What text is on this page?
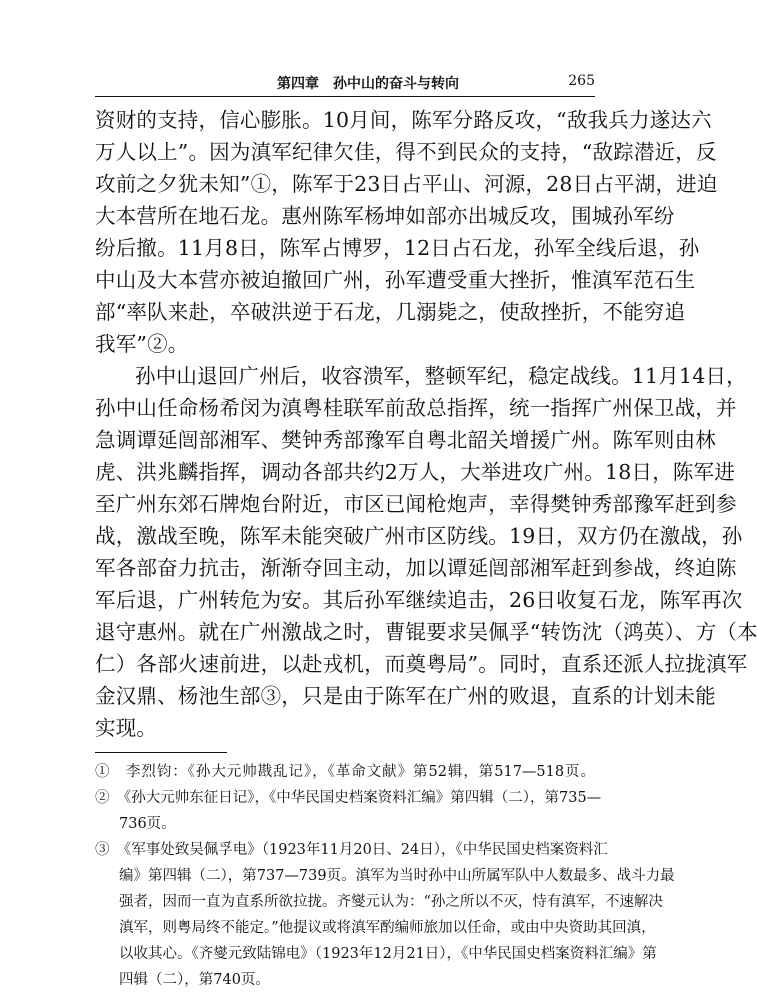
第四章　孙中山的奋斗与转向	265
资财的支持，信心膨胀。10月间，陈军分路反攻，“敌我兵力遂达六
万人以上”。因为滇军纪律欠佳，得不到民众的支持，“敌踪潜近，反
攻前之夕犹未知”①，陈军于23日占平山、河源，28日占平湖，进迫
大本营所在地石龙。惠州陈军杨坤如部亦出城反攻，围城孙军纷
纷后撤。11月8日，陈军占博罗，12日占石龙，孙军全线后退，孙
中山及大本营亦被迫撤回广州，孙军遭受重大挫折，惟滇军范石生
部“率队来赴，卒破洪逆于石龙，几溺毙之，使敌挫折，不能穷追
我军”②。
孙中山退回广州后，收容溃军，整顿军纪，稳定战线。11月14日，
孙中山任命杨希闵为滇粤桂联军前敌总指挥，统一指挥广州保卫战，并
急调谭延闿部湘军、樊钟秀部豫军自粤北韶关增援广州。陈军则由林
虎、洪兆麟指挥，调动各部共约2万人，大举进攻广州。18日，陈军进
至广州东郊石牌炮台附近，市区已闻枪炮声，幸得樊钟秀部豫军赶到参
战，激战至晚，陈军未能突破广州市区防线。19日，双方仍在激战，孙
军各部奋力抗击，渐渐夺回主动，加以谭延闿部湘军赶到参战，终迫陈
军后退，广州转危为安。其后孙军继续追击，26日收复石龙，陈军再次
退守惠州。就在广州激战之时，曹锟要求吴佩孚“转饬沈（鸿英）、方（本
仁）各部火速前进，以赴戎机，而奠粤局”。同时，直系还派人拉拢滇军
金汉鼎、杨池生部③，只是由于陈军在广州的败退，直系的计划未能
实现。
①　李烈钧：《孙大元帅戡乱记》，《革命文献》第52辑，第517—518页。
②　《孙大元帅东征日记》，《中华民国史档案资料汇编》第四辑（二），第735—
736页。
③　《军事处致吴佩孚电》（1923年11月20日、24日），《中华民国史档案资料汇
编》第四辑（二），第737—739页。滇军为当时孙中山所属军队中人数最多、战斗力最
强者，因而一直为直系所欲拉拢。齐燮元认为：“孙之所以不灭，恃有滇军，不速解决
滇军，则粤局终不能定。”他提议或将滇军酌编师旅加以任命，或由中央资助其回滇，
以收其心。《齐燮元致陆锦电》（1923年12月21日），《中华民国史档案资料汇编》第
四辑（二），第740页。
